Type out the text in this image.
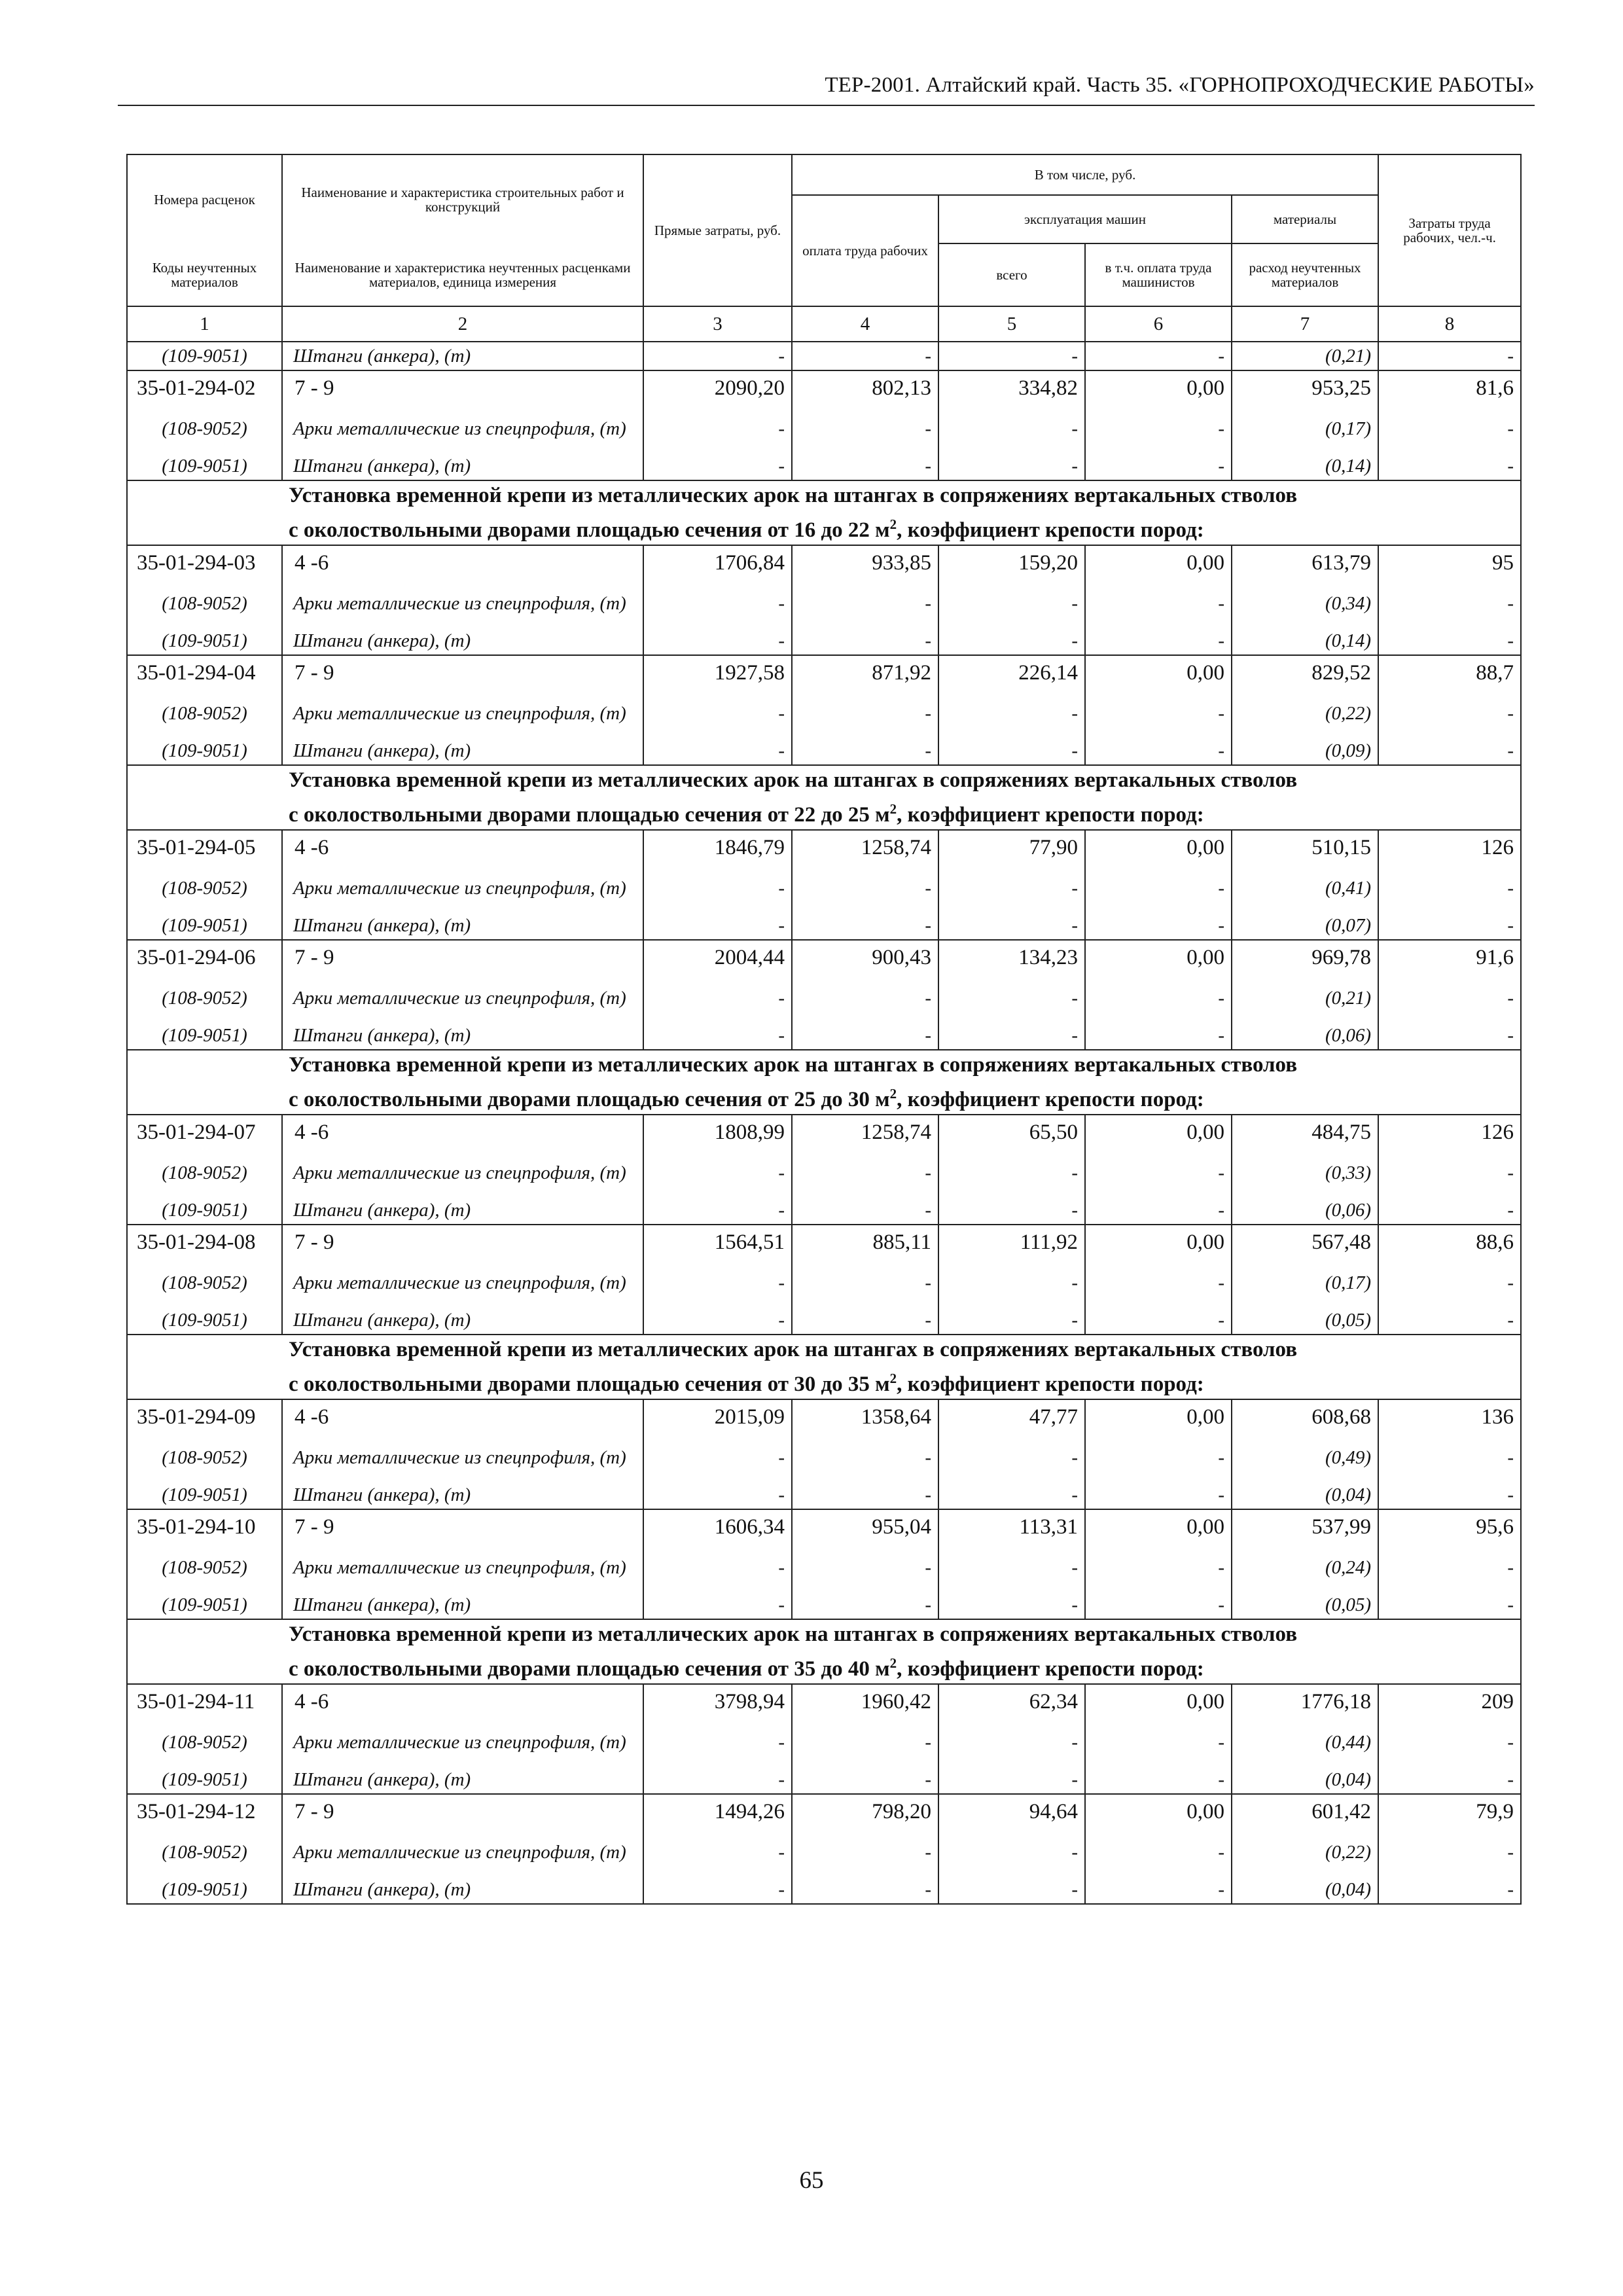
ТЕР-2001. Алтайский край. Часть 35. «ГОРНОПРОХОДЧЕСКИЕ РАБОТЫ»
Номера расценок	Наименование и характеристика строительных работ и конструкций	Прямые затраты, руб.	В том числе, руб.				Затраты труда рабочих, чел.-ч.
			оплата труда рабочих	эксплуатация машин		материалы	
Коды неучтенных материалов	Наименование и характеристика неучтенных расценками материалов, единица измерения			всего	в т.ч. оплата труда машинистов	расход неучтенных материалов	
1	2	3	4	5	6	7	8
(109-9051)	Штанги (анкера), (т)	-	-	-	-	(0,21)	-
35-01-294-02	7 - 9	2090,20	802,13	334,82	0,00	953,25	81,6
(108-9052)	Арки металлические из спецпрофиля, (т)	-	-	-	-	(0,17)	-
(109-9051)	Штанги (анкера), (т)	-	-	-	-	(0,14)	-
Установка временной крепи из металлических арок на штангах в сопряжениях вертакальных стволов
с околоствольными дворами площадью сечения от 16 до 22 $м^2$, коэффициент крепости пород:							
35-01-294-03	4 -6	1706,84	933,85	159,20	0,00	613,79	95
(108-9052)	Арки металлические из спецпрофиля, (т)	-	-	-	-	(0,34)	-
(109-9051)	Штанги (анкера), (т)	-	-	-	-	(0,14)	-
35-01-294-04	7 - 9	1927,58	871,92	226,14	0,00	829,52	88,7
(108-9052)	Арки металлические из спецпрофиля, (т)	-	-	-	-	(0,22)	-
(109-9051)	Штанги (анкера), (т)	-	-	-	-	(0,09)	-
Установка временной крепи из металлических арок на штангах в сопряжениях вертакальных стволов
с околоствольными дворами площадью сечения от 22 до 25 $м^2$, коэффициент крепости пород:							
35-01-294-05	4 -6	1846,79	1258,74	77,90	0,00	510,15	126
(108-9052)	Арки металлические из спецпрофиля, (т)	-	-	-	-	(0,41)	-
(109-9051)	Штанги (анкера), (т)	-	-	-	-	(0,07)	-
35-01-294-06	7 - 9	2004,44	900,43	134,23	0,00	969,78	91,6
(108-9052)	Арки металлические из спецпрофиля, (т)	-	-	-	-	(0,21)	-
(109-9051)	Штанги (анкера), (т)	-	-	-	-	(0,06)	-
Установка временной крепи из металлических арок на штангах в сопряжениях вертакальных стволов
с околоствольными дворами площадью сечения от 25 до 30 $м^2$, коэффициент крепости пород:							
35-01-294-07	4 -6	1808,99	1258,74	65,50	0,00	484,75	126
(108-9052)	Арки металлические из спецпрофиля, (т)	-	-	-	-	(0,33)	-
(109-9051)	Штанги (анкера), (т)	-	-	-	-	(0,06)	-
35-01-294-08	7 - 9	1564,51	885,11	111,92	0,00	567,48	88,6
(108-9052)	Арки металлические из спецпрофиля, (т)	-	-	-	-	(0,17)	-
(109-9051)	Штанги (анкера), (т)	-	-	-	-	(0,05)	-
Установка временной крепи из металлических арок на штангах в сопряжениях вертакальных стволов
с околоствольными дворами площадью сечения от 30 до 35 $м^2$, коэффициент крепости пород:							
35-01-294-09	4 -6	2015,09	1358,64	47,77	0,00	608,68	136
(108-9052)	Арки металлические из спецпрофиля, (т)	-	-	-	-	(0,49)	-
(109-9051)	Штанги (анкера), (т)	-	-	-	-	(0,04)	-
35-01-294-10	7 - 9	1606,34	955,04	113,31	0,00	537,99	95,6
(108-9052)	Арки металлические из спецпрофиля, (т)	-	-	-	-	(0,24)	-
(109-9051)	Штанги (анкера), (т)	-	-	-	-	(0,05)	-
Установка временной крепи из металлических арок на штангах в сопряжениях вертакальных стволов
с околоствольными дворами площадью сечения от 35 до 40 $м^2$, коэффициент крепости пород:							
35-01-294-11	4 -6	3798,94	1960,42	62,34	0,00	1776,18	209
(108-9052)	Арки металлические из спецпрофиля, (т)	-	-	-	-	(0,44)	-
(109-9051)	Штанги (анкера), (т)	-	-	-	-	(0,04)	-
35-01-294-12	7 - 9	1494,26	798,20	94,64	0,00	601,42	79,9
(108-9052)	Арки металлические из спецпрофиля, (т)	-	-	-	-	(0,22)	-
(109-9051)	Штанги (анкера), (т)	-	-	-	-	(0,04)	-
65
